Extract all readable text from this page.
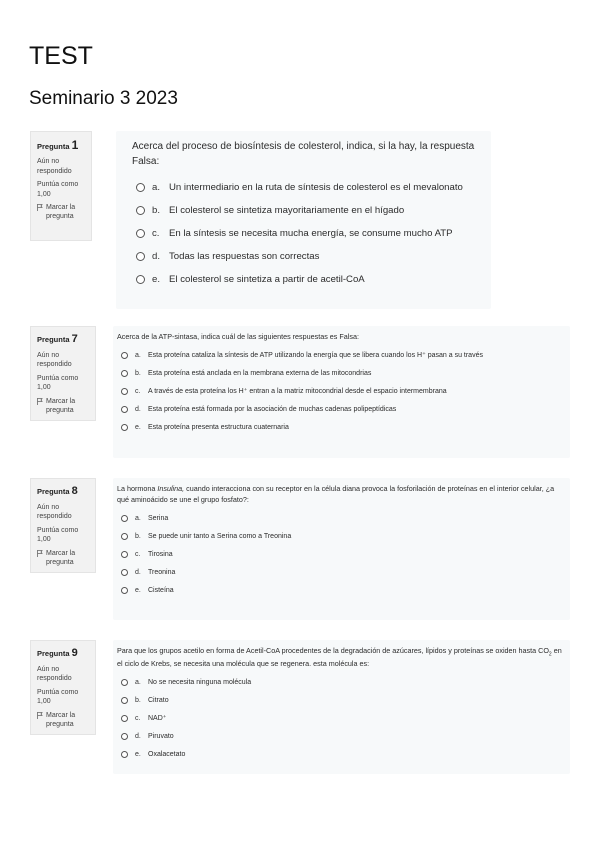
TEST
Seminario 3 2023
Pregunta 1
Aún no respondido
Puntúa como 1,00
Marcar la pregunta
Acerca del proceso de biosíntesis de colesterol, indica, si la hay, la respuesta Falsa:
a. Un intermediario en la ruta de síntesis de colesterol es el mevalonato
b. El colesterol se sintetiza mayoritariamente en el hígado
c. En la síntesis se necesita mucha energía, se consume mucho ATP
d. Todas las respuestas son correctas
e. El colesterol se sintetiza a partir de acetil-CoA
Pregunta 7
Aún no respondido
Puntúa como 1,00
Marcar la pregunta
Acerca de la ATP-sintasa, indica cuál de las siguientes respuestas es Falsa:
a.	Esta proteína cataliza la síntesis de ATP utilizando la energía que se libera cuando los H⁺ pasan a su través
b.	Esta proteína está anclada en la membrana externa de las mitocondrias
c.	A través de esta proteína los H⁺ entran a la matriz mitocondrial desde el espacio intermembrana
d.	Esta proteína está formada por la asociación de muchas cadenas polipeptídicas
e.	Esta proteína presenta estructura cuaternaria
Pregunta 8
Aún no respondido
Puntúa como 1,00
Marcar la pregunta
La hormona Insulina, cuando interacciona con su receptor en la célula diana provoca la fosforilación de proteínas en el interior celular, ¿a qué aminoácido se une el grupo fosfato?:
a.	Serina
b.	Se puede unir tanto a Serina como a Treonina
c.	Tirosina
d.	Treonina
e.	Cisteína
Pregunta 9
Aún no respondido
Puntúa como 1,00
Marcar la pregunta
Para que los grupos acetilo en forma de Acetil-CoA procedentes de la degradación de azúcares, lípidos y proteínas se oxiden hasta $CO_2$ en el ciclo de Krebs, se necesita una molécula que se regenera. esta molécula es:
a.	No se necesita ninguna molécula
b.	Citrato
c.	NAD⁺
d.	Piruvato
e.	Oxalacetato
